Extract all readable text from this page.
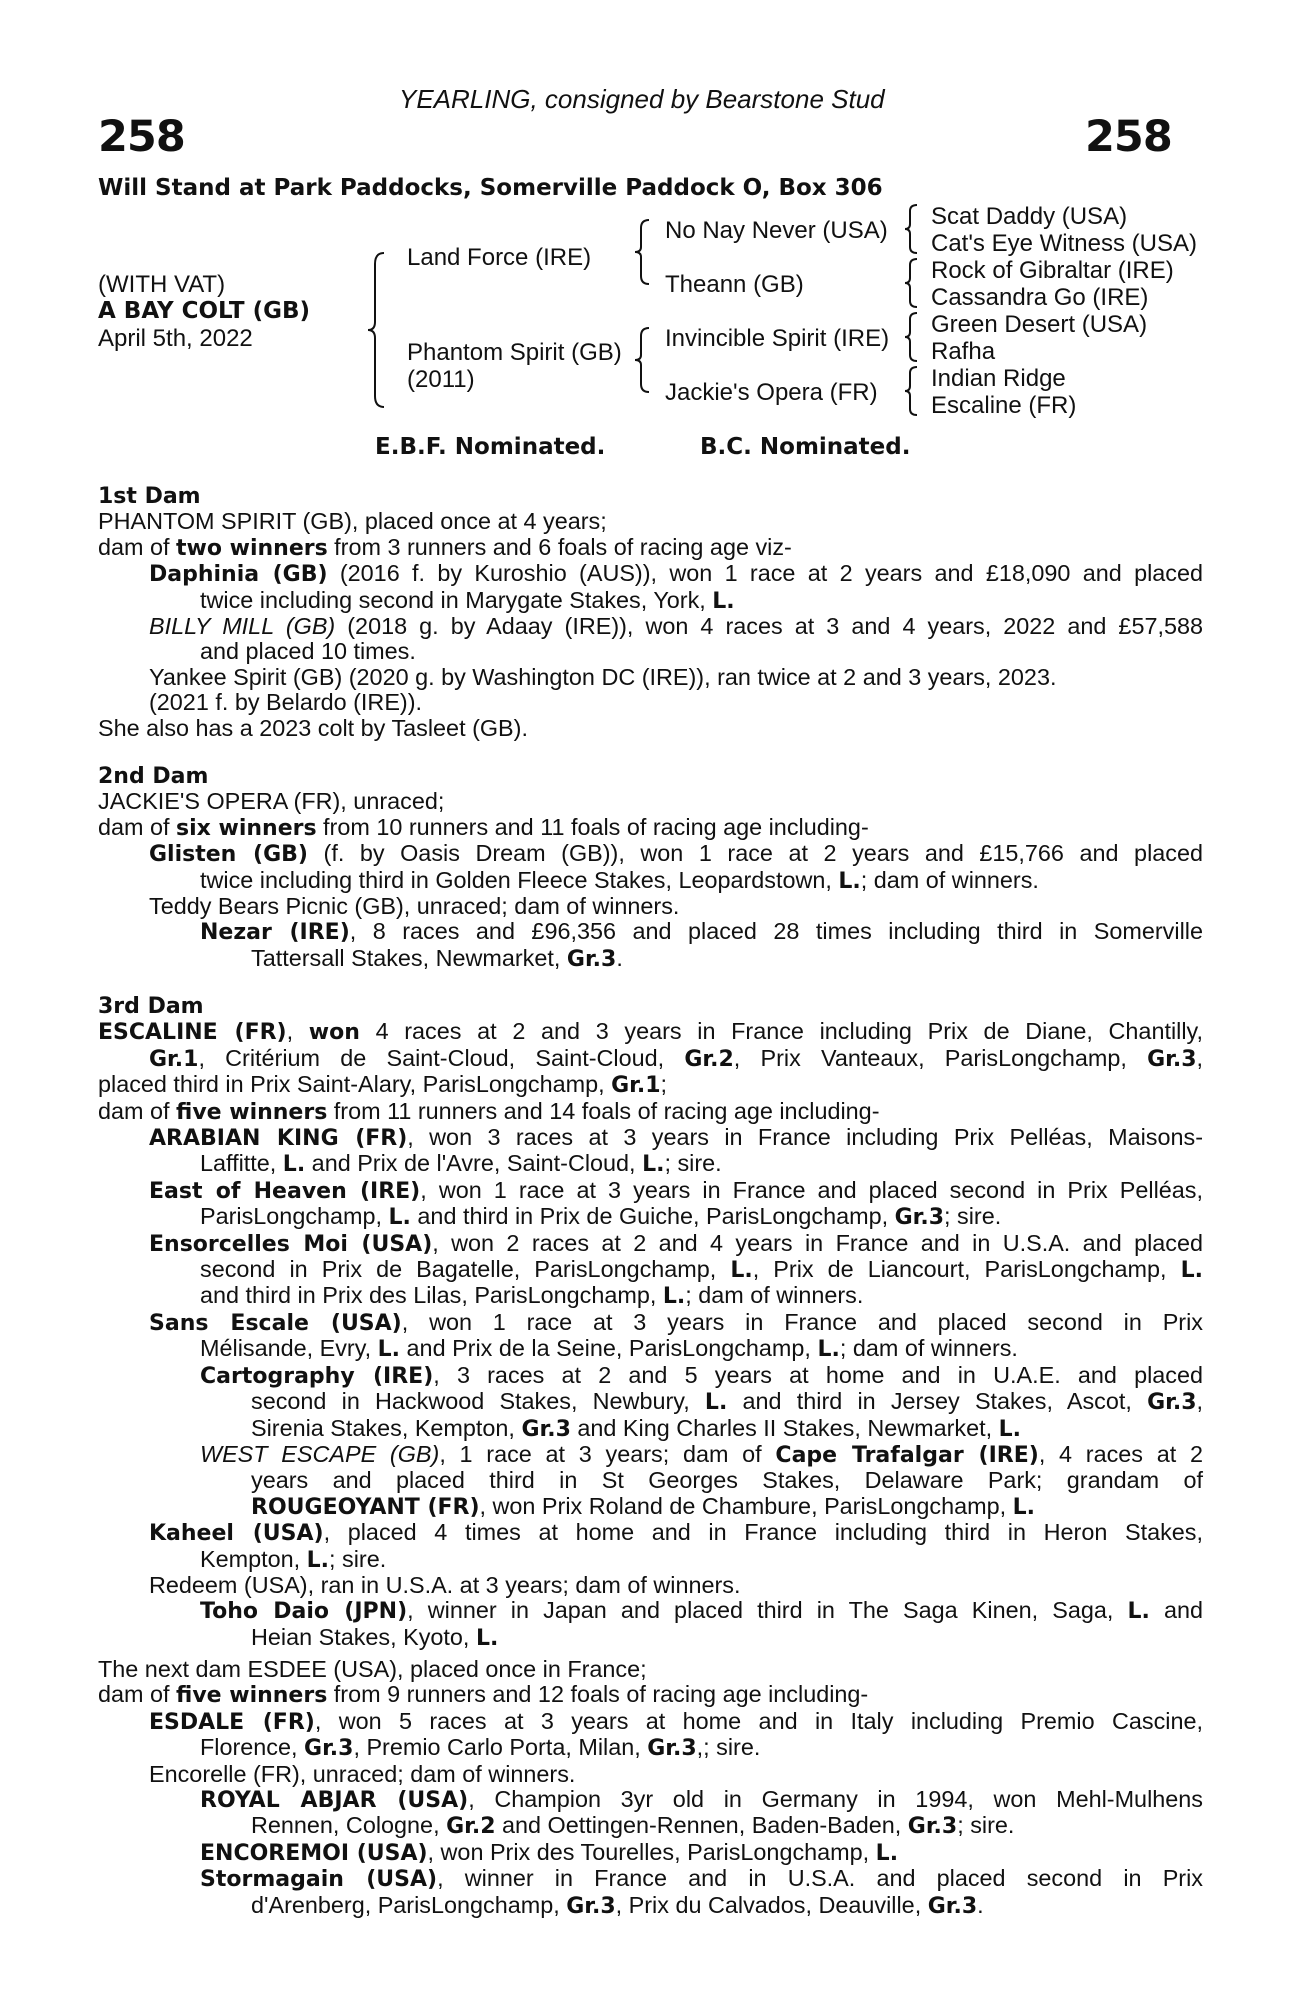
YEARLING, consigned by Bearstone Stud
258	258
Will Stand at Park Paddocks, Somerville Paddock O, Box 306
(WITH VAT)
A BAY COLT (GB)
April 5th, 2022
Land Force (IRE)
Phantom Spirit (GB)
(2011)
No Nay Never (USA)
Theann (GB)
Invincible Spirit (IRE)
Jackie's Opera (FR)
Scat Daddy (USA)
Cat's Eye Witness (USA)
Rock of Gibraltar (IRE)
Cassandra Go (IRE)
Green Desert (USA)
Rafha
Indian Ridge
Escaline (FR)
E.B.F. Nominated.	B.C. Nominated.
1st Dam
PHANTOM SPIRIT (GB), placed once at 4 years;
dam of two winners from 3 runners and 6 foals of racing age viz-
Daphinia (GB) (2016 f. by Kuroshio (AUS)), won 1 race at 2 years and £18,090 and placed
twice including second in Marygate Stakes, York, L.
BILLY MILL (GB) (2018 g. by Adaay (IRE)), won 4 races at 3 and 4 years, 2022 and £57,588
and placed 10 times.
Yankee Spirit (GB) (2020 g. by Washington DC (IRE)), ran twice at 2 and 3 years, 2023.
(2021 f. by Belardo (IRE)).
She also has a 2023 colt by Tasleet (GB).
2nd Dam
JACKIE'S OPERA (FR), unraced;
dam of six winners from 10 runners and 11 foals of racing age including-
Glisten (GB) (f. by Oasis Dream (GB)), won 1 race at 2 years and £15,766 and placed
twice including third in Golden Fleece Stakes, Leopardstown, L.; dam of winners.
Teddy Bears Picnic (GB), unraced; dam of winners.
Nezar (IRE), 8 races and £96,356 and placed 28 times including third in Somerville
Tattersall Stakes, Newmarket, Gr.3.
3rd Dam
ESCALINE (FR), won 4 races at 2 and 3 years in France including Prix de Diane, Chantilly,
Gr.1, Critérium de Saint-Cloud, Saint-Cloud, Gr.2, Prix Vanteaux, ParisLongchamp, Gr.3,
placed third in Prix Saint-Alary, ParisLongchamp, Gr.1;
dam of five winners from 11 runners and 14 foals of racing age including-
ARABIAN KING (FR), won 3 races at 3 years in France including Prix Pelléas, Maisons-
Laffitte, L. and Prix de l'Avre, Saint-Cloud, L.; sire.
East of Heaven (IRE), won 1 race at 3 years in France and placed second in Prix Pelléas,
ParisLongchamp, L. and third in Prix de Guiche, ParisLongchamp, Gr.3; sire.
Ensorcelles Moi (USA), won 2 races at 2 and 4 years in France and in U.S.A. and placed
second in Prix de Bagatelle, ParisLongchamp, L., Prix de Liancourt, ParisLongchamp, L.
and third in Prix des Lilas, ParisLongchamp, L.; dam of winners.
Sans Escale (USA), won 1 race at 3 years in France and placed second in Prix
Mélisande, Evry, L. and Prix de la Seine, ParisLongchamp, L.; dam of winners.
Cartography (IRE), 3 races at 2 and 5 years at home and in U.A.E. and placed
second in Hackwood Stakes, Newbury, L. and third in Jersey Stakes, Ascot, Gr.3,
Sirenia Stakes, Kempton, Gr.3 and King Charles II Stakes, Newmarket, L.
WEST ESCAPE (GB), 1 race at 3 years; dam of Cape Trafalgar (IRE), 4 races at 2
years and placed third in St Georges Stakes, Delaware Park; grandam of
ROUGEOYANT (FR), won Prix Roland de Chambure, ParisLongchamp, L.
Kaheel (USA), placed 4 times at home and in France including third in Heron Stakes,
Kempton, L.; sire.
Redeem (USA), ran in U.S.A. at 3 years; dam of winners.
Toho Daio (JPN), winner in Japan and placed third in The Saga Kinen, Saga, L. and
Heian Stakes, Kyoto, L.
The next dam ESDEE (USA), placed once in France;
dam of five winners from 9 runners and 12 foals of racing age including-
ESDALE (FR), won 5 races at 3 years at home and in Italy including Premio Cascine,
Florence, Gr.3, Premio Carlo Porta, Milan, Gr.3,; sire.
Encorelle (FR), unraced; dam of winners.
ROYAL ABJAR (USA), Champion 3yr old in Germany in 1994, won Mehl-Mulhens
Rennen, Cologne, Gr.2 and Oettingen-Rennen, Baden-Baden, Gr.3; sire.
ENCOREMOI (USA), won Prix des Tourelles, ParisLongchamp, L.
Stormagain (USA), winner in France and in U.S.A. and placed second in Prix
d'Arenberg, ParisLongchamp, Gr.3, Prix du Calvados, Deauville, Gr.3.
